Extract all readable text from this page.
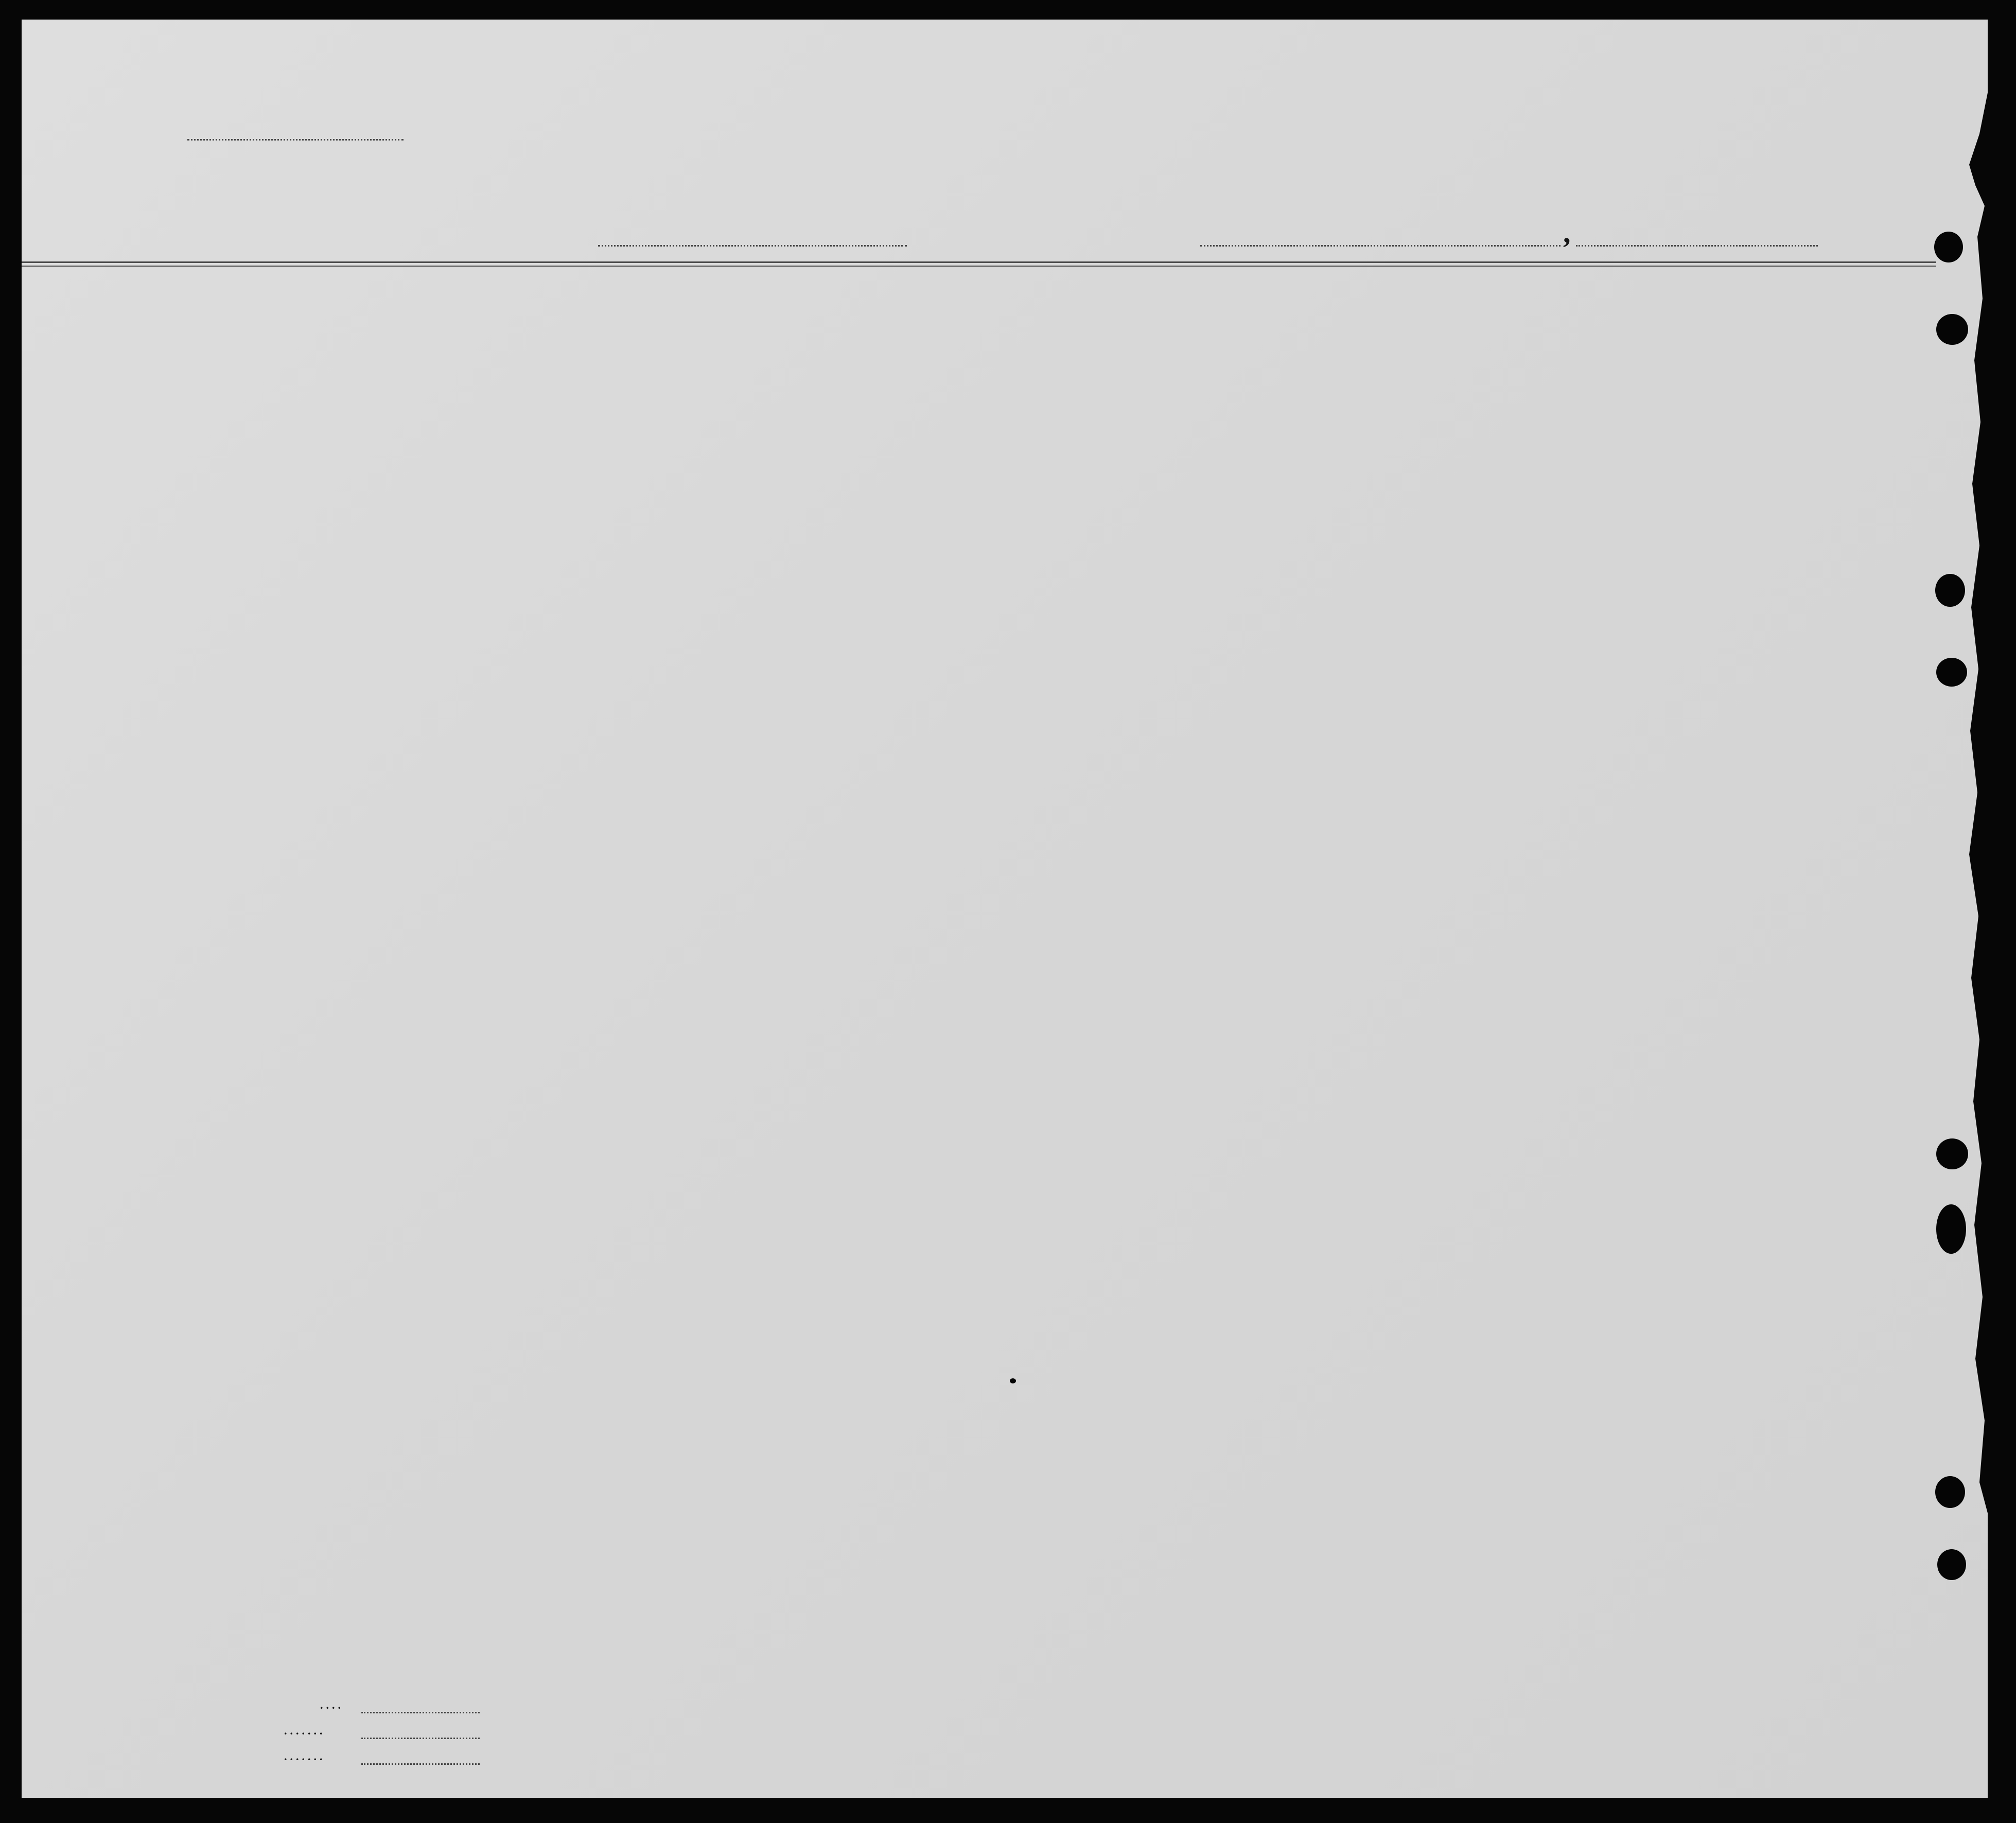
,
....
.......
.......
